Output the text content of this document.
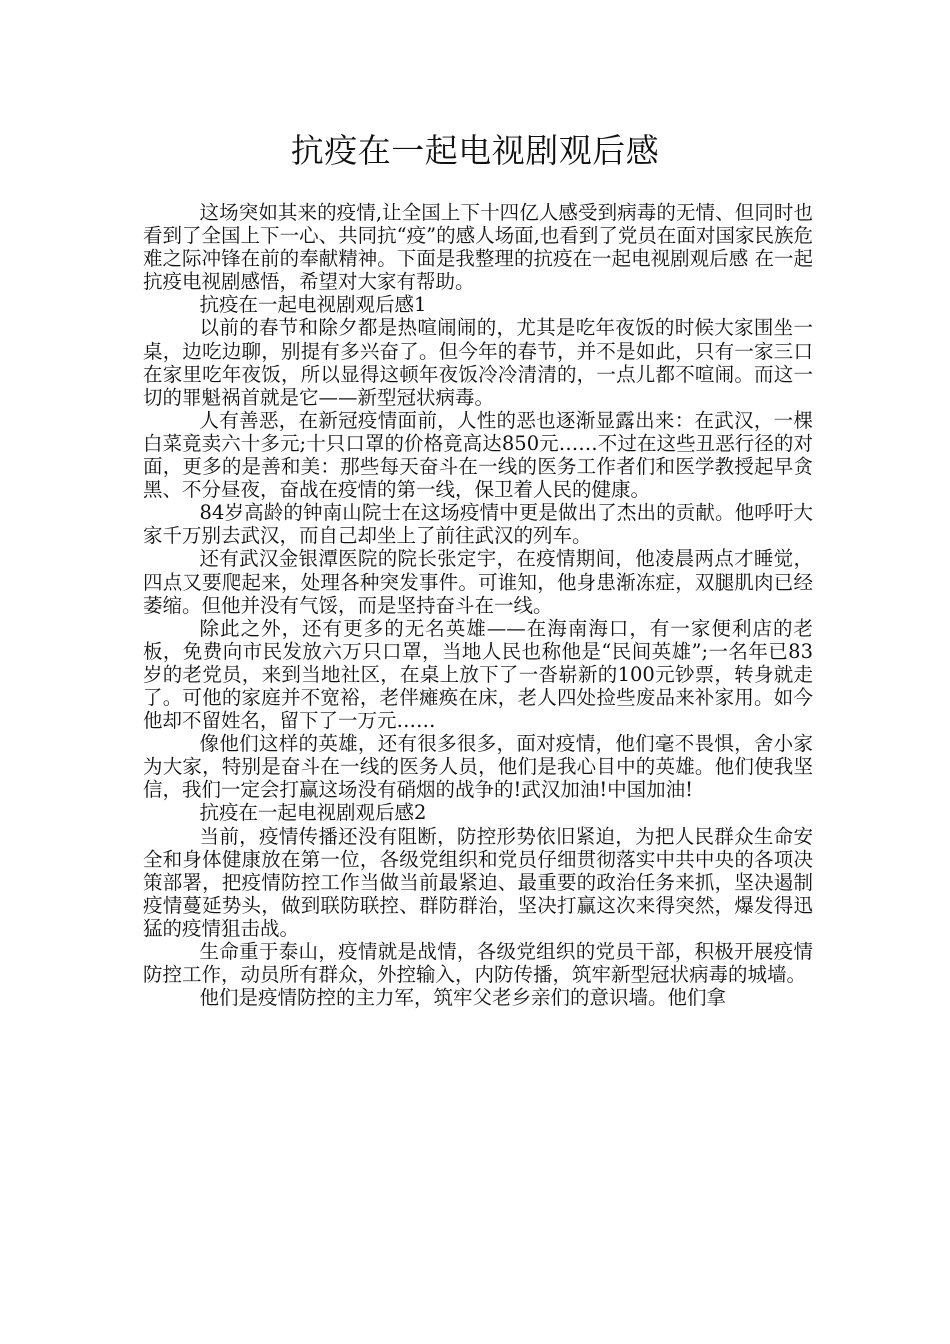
抗疫在一起电视剧观后感

这场突如其来的疫情,让全国上下十四亿人感受到病毒的无情、但同时也看到了全国上下一心、共同抗“疫”的感人场面,也看到了党员在面对国家民族危难之际冲锋在前的奉献精神。下面是我整理的抗疫在一起电视剧观后感 在一起抗疫电视剧感悟，希望对大家有帮助。

抗疫在一起电视剧观后感1

以前的春节和除夕都是热喧闹闹的，尤其是吃年夜饭的时候大家围坐一桌，边吃边聊，别提有多兴奋了。但今年的春节，并不是如此，只有一家三口在家里吃年夜饭，所以显得这顿年夜饭冷冷清清的，一点儿都不喧闹。而这一切的罪魁祸首就是它——新型冠状病毒。

人有善恶，在新冠疫情面前，人性的恶也逐渐显露出来：在武汉，一棵白菜竟卖六十多元;十只口罩的价格竟高达850元……不过在这些丑恶行径的对面，更多的是善和美：那些每天奋斗在一线的医务工作者们和医学教授起早贪黑、不分昼夜，奋战在疫情的第一线，保卫着人民的健康。

84岁高龄的钟南山院士在这场疫情中更是做出了杰出的贡献。他呼吁大家千万别去武汉，而自己却坐上了前往武汉的列车。

还有武汉金银潭医院的院长张定宇，在疫情期间，他凌晨两点才睡觉，四点又要爬起来，处理各种突发事件。可谁知，他身患渐冻症，双腿肌肉已经萎缩。但他并没有气馁，而是坚持奋斗在一线。

除此之外，还有更多的无名英雄——在海南海口，有一家便利店的老板，免费向市民发放六万只口罩，当地人民也称他是“民间英雄”;一名年已83岁的老党员，来到当地社区，在桌上放下了一沓崭新的100元钞票，转身就走了。可他的家庭并不宽裕，老伴瘫痪在床，老人四处捡些废品来补家用。如今他却不留姓名，留下了一万元……

像他们这样的英雄，还有很多很多，面对疫情，他们毫不畏惧，舍小家为大家，特别是奋斗在一线的医务人员，他们是我心目中的英雄。他们使我坚信，我们一定会打赢这场没有硝烟的战争的!武汉加油!中国加油!

抗疫在一起电视剧观后感2

当前，疫情传播还没有阻断，防控形势依旧紧迫，为把人民群众生命安全和身体健康放在第一位，各级党组织和党员仔细贯彻落实中共中央的各项决策部署，把疫情防控工作当做当前最紧迫、最重要的政治任务来抓，坚决遏制疫情蔓延势头，做到联防联控、群防群治，坚决打赢这次来得突然，爆发得迅猛的疫情狙击战。

生命重于泰山，疫情就是战情，各级党组织的党员干部，积极开展疫情防控工作，动员所有群众，外控输入，内防传播，筑牢新型冠状病毒的城墙。

他们是疫情防控的主力军，筑牢父老乡亲们的意识墙。他们拿
